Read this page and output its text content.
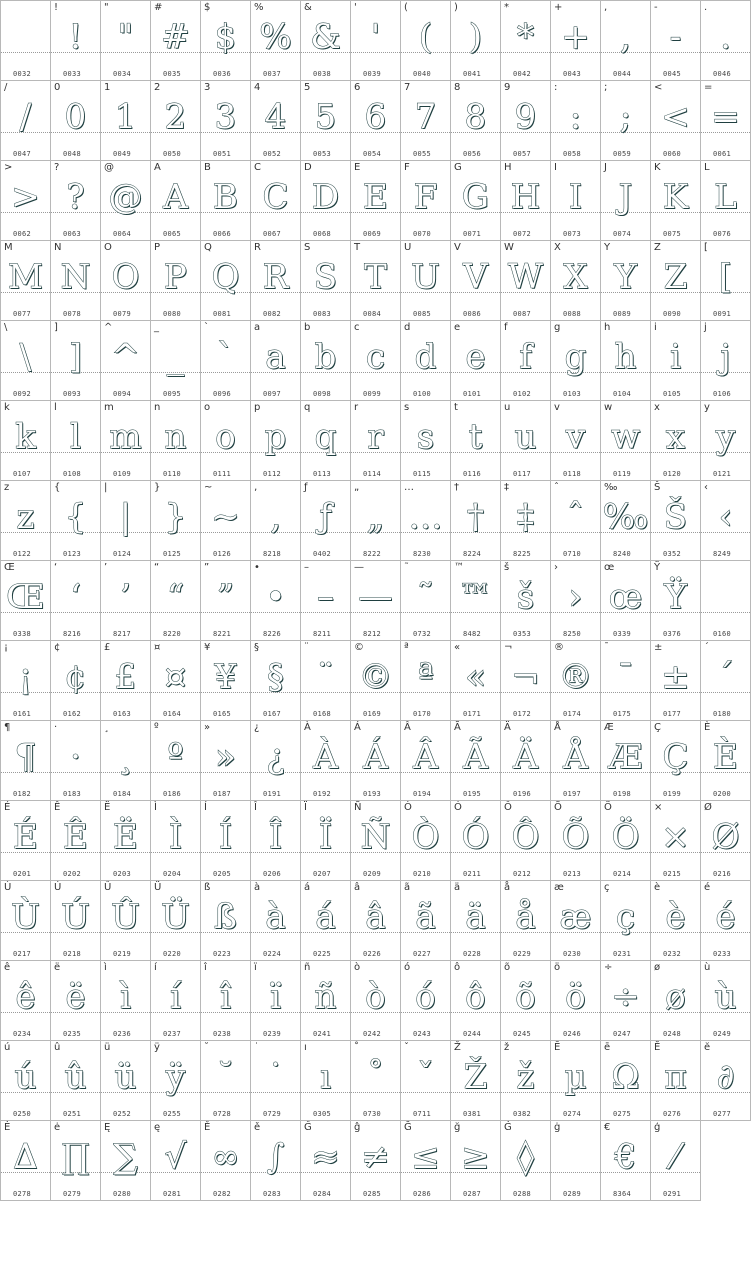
0032
!
!
0033
"
"
0034
#
#
0035
$
$
0036
%
%
0037
&
&
0038
'
'
0039
(
(
0040
)
)
0041
*
*
0042
+
+
0043
,
,
0044
-
-
0045
.
.
0046
/
/
0047
0
0
0048
1
1
0049
2
2
0050
3
3
0051
4
4
0052
5
5
0053
6
6
0054
7
7
0055
8
8
0056
9
9
0057
:
:
0058
;
;
0059
<
<
0060
=
=
0061
>
>
0062
?
?
0063
@
@
0064
A
A
0065
B
B
0066
C
C
0067
D
D
0068
E
E
0069
F
F
0070
G
G
0071
H
H
0072
I
I
0073
J
J
0074
K
K
0075
L
L
0076
M
M
0077
N
N
0078
O
O
0079
P
P
0080
Q
Q
0081
R
R
0082
S
S
0083
T
T
0084
U
U
0085
V
V
0086
W
W
0087
X
X
0088
Y
Y
0089
Z
Z
0090
[
[
0091
\
\
0092
]
]
0093
^
^
0094
_
_
0095
`
`
0096
a
a
0097
b
b
0098
c
c
0099
d
d
0100
e
e
0101
f
f
0102
g
g
0103
h
h
0104
i
i
0105
j
j
0106
k
k
0107
l
l
0108
m
m
0109
n
n
0110
o
o
0111
p
p
0112
q
q
0113
r
r
0114
s
s
0115
t
t
0116
u
u
0117
v
v
0118
w
w
0119
x
x
0120
y
y
0121
z
z
0122
{
{
0123
|
|
0124
}
}
0125
~
~
0126
‚
‚
8218
ƒ
ƒ
0402
„
„
8222
…
…
8230
†
†
8224
‡
‡
8225
ˆ
ˆ
0710
‰
‰
8240
Š
Š
0352
‹
‹
8249
Œ
Œ
0338
‘
‘
8216
’
’
8217
“
“
8220
”
”
8221
•
•
8226
–
–
8211
—
—
8212
˜
˜
0732
™
™
8482
š
š
0353
›
›
8250
œ
œ
0339
Ÿ
Ÿ
0376	0160
¡
¡
0161
¢
¢
0162
£
£
0163
¤
¤
0164
¥
¥
0165
§
§
0167
¨
¨
0168
©
©
0169
ª
ª
0170
«
«
0171
¬
¬
0172
®
®
0174
¯
¯
0175
±
±
0177
´
´
0180
¶
¶
0182
·
·
0183
¸
¸
0184
º
º
0186
»
»
0187
¿
¿
0191
À
À
0192
Á
Á
0193
Â
Â
0194
Ã
Ã
0195
Ä
Ä
0196
Å
Å
0197
Æ
Æ
0198
Ç
Ç
0199
È
È
0200
É
É
0201
Ê
Ê
0202
Ë
Ë
0203
Ì
Ì
0204
Í
Í
0205
Î
Î
0206
Ï
Ï
0207
Ñ
Ñ
0209
Ò
Ò
0210
Ó
Ó
0211
Ô
Ô
0212
Õ
Õ
0213
Ö
Ö
0214
×
×
0215
Ø
Ø
0216
Ù
Ù
0217
Ú
Ú
0218
Û
Û
0219
Ü
Ü
0220
ß
ß
0223
à
à
0224
á
á
0225
â
â
0226
ã
ã
0227
ä
ä
0228
å
å
0229
æ
æ
0230
ç
ç
0231
è
è
0232
é
é
0233
ê
ê
0234
ë
ë
0235
ì
ì
0236
í
í
0237
î
î
0238
ï
ï
0239
ñ
ñ
0241
ò
ò
0242
ó
ó
0243
ô
ô
0244
õ
õ
0245
ö
ö
0246
÷
÷
0247
ø
ø
0248
ù
ù
0249
ú
ú
0250
û
û
0251
ü
ü
0252
ÿ
ÿ
0255
˘
˘
0728
˙
˙
0729
ı
ı
0305
˚
˚
0730
ˇ
ˇ
0711
Ž
Ž
0381
ž
ž
0382
Ē
µ
0274
ē
Ω
0275
Ĕ
π
0276
ĕ
∂
0277
Ė
∆
0278
ė
∏
0279
Ę
∑
0280
ę
√
0281
Ě
∞
0282
ě
∫
0283
Ĝ
≈
0284
ĝ
≠
0285
Ğ
≤
0286
ğ
≥
0287
Ġ
◊
0288
ġ
0289
€
€
8364
ģ
⁄
0291
